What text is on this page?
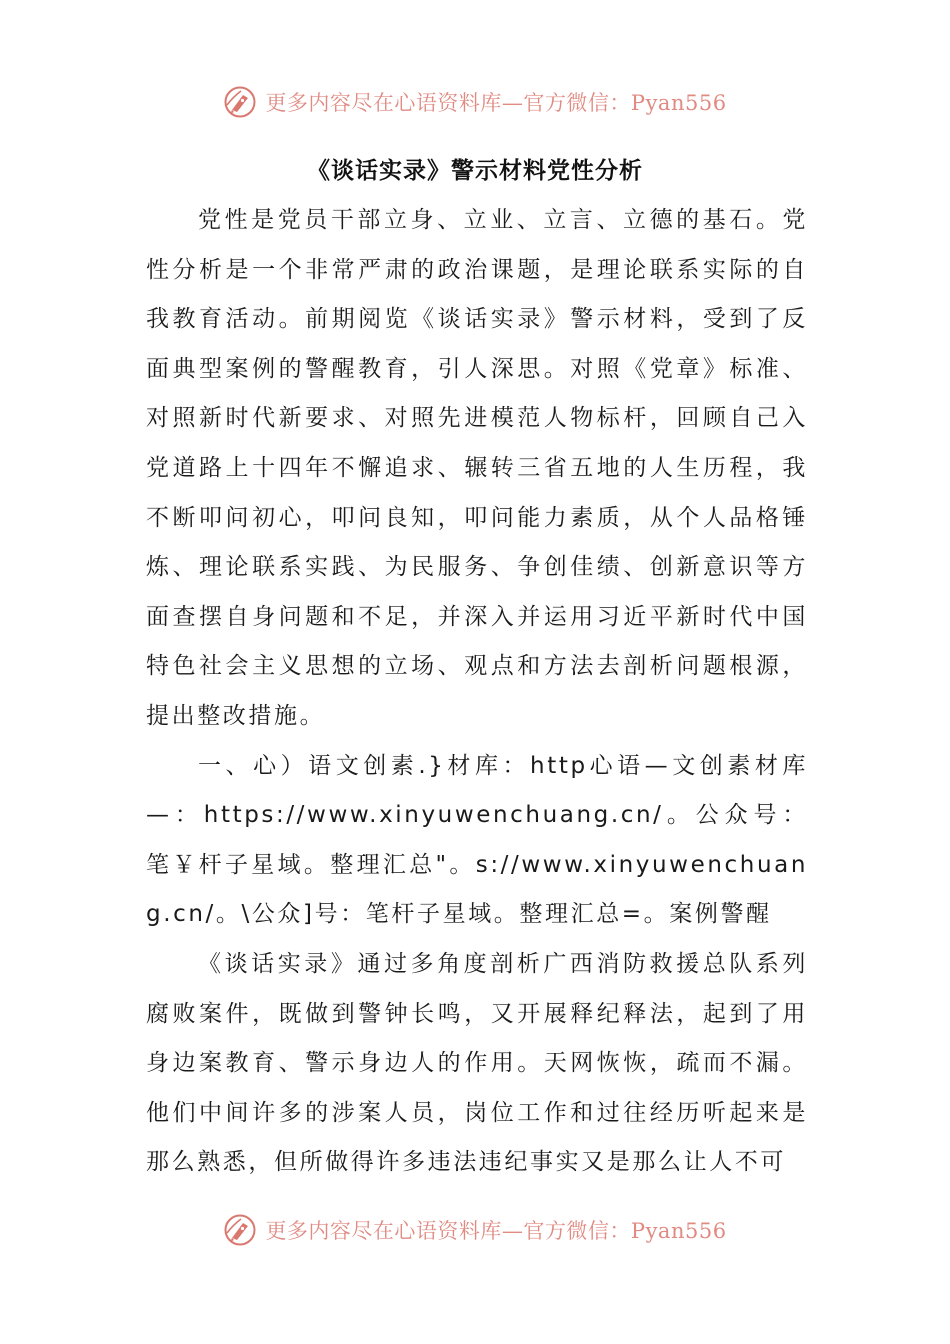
更多内容尽在心语资料库—官方微信：Pyan556
《谈话实录》警示材料党性分析

党性是党员干部立身、立业、立言、立德的基石。党性分析是一个非常严肃的政治课题，是理论联系实际的自我教育活动。前期阅览《谈话实录》警示材料，受到了反面典型案例的警醒教育，引人深思。对照《党章》标准、对照新时代新要求、对照先进模范人物标杆，回顾自己入党道路上十四年不懈追求、辗转三省五地的人生历程，我不断叩问初心，叩问良知，叩问能力素质，从个人品格锤炼、理论联系实践、为民服务、争创佳绩、创新意识等方面查摆自身问题和不足，并深入并运用习近平新时代中国特色社会主义思想的立场、观点和方法去剖析问题根源，提出整改措施。

一、心）语文创素.}材库：http心语—文创素材库—：https://www.xinyuwenchuang.cn/。公众号：笔￥杆子星域。整理汇总"。s://www.xinyuwenchuang.cn/。\公众]号：笔杆子星域。整理汇总=。案例警醒

《谈话实录》通过多角度剖析广西消防救援总队系列腐败案件，既做到警钟长鸣，又开展释纪释法，起到了用身边案教育、警示身边人的作用。天网恢恢，疏而不漏。他们中间许多的涉案人员，岗位工作和过往经历听起来是那么熟悉，但所做得许多违法违纪事实又是那么让人不可

更多内容尽在心语资料库—官方微信：Pyan556
